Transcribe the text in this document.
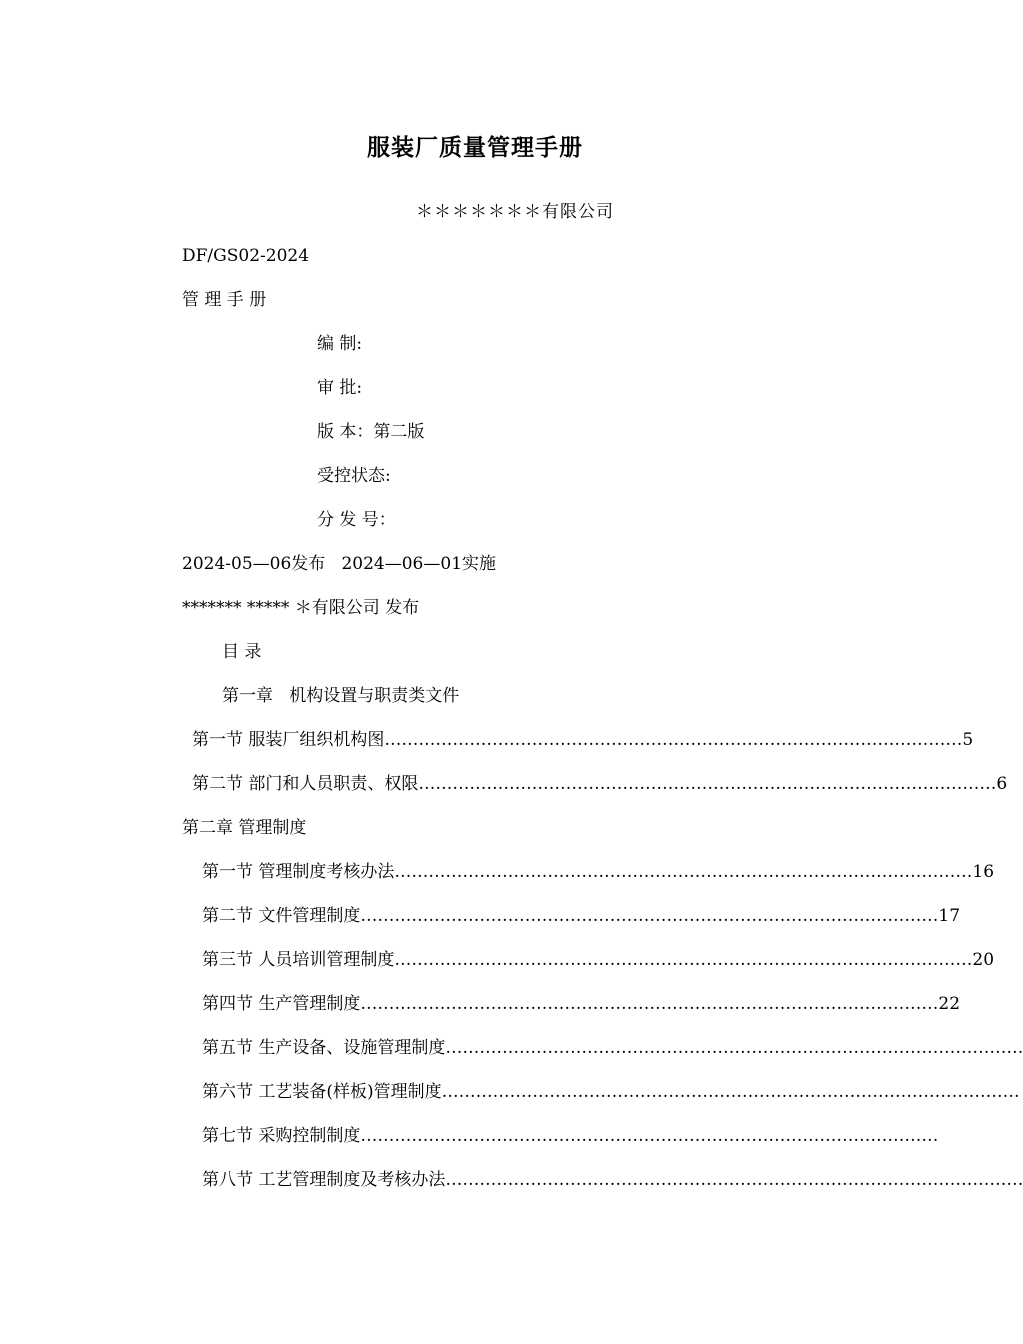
服装厂质量管理手册
＊＊＊＊＊＊＊有限公司
DF/GS02-2024
管 理 手 册
编 制:
审 批:
版 本：第二版
受控状态:
分 发 号：
2024-05—06发布   2024—06—01实施
******* ***** ＊有限公司 发布
目 录
第一章   机构设置与职责类文件
第一节 服装厂组织机构图 ………………………………………………………………………………………… 5
第二节 部门和人员职责、权限 ………………………………………………………………………………………… 6
第二章 管理制度
第一节 管理制度考核办法 ………………………………………………………………………………………… 16
第二节 文件管理制度 ………………………………………………………………………………………… 17
第三节 人员培训管理制度 ………………………………………………………………………………………… 20
第四节 生产管理制度 ………………………………………………………………………………………… 22
第五节 生产设备、设施管理制度 …………………………………………………………………………………………
第六节 工艺装备(样板)管理制度 …………………………………………………………………………………………
第七节 采购控制制度 …………………………………………………………………………………………
第八节 工艺管理制度及考核办法 …………………………………………………………………………………………
